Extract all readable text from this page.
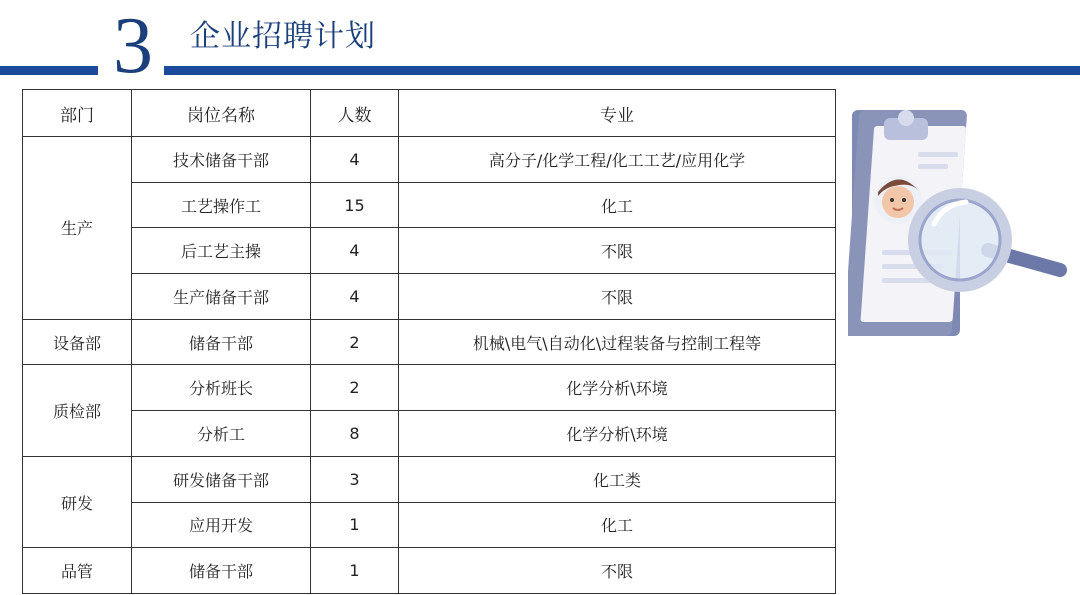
3	企业招聘计划
部门	岗位名称	人数	专业
生产	技术储备干部	4	高分子/化学工程/化工工艺/应用化学
	工艺操作工	15	化工
	后工艺主操	4	不限
	生产储备干部	4	不限
设备部	储备干部	2	机械\电气\自动化\过程装备与控制工程等
质检部	分析班长	2	化学分析\环境
	分析工	8	化学分析\环境
研发	研发储备干部	3	化工类
	应用开发	1	化工
品管	储备干部	1	不限
